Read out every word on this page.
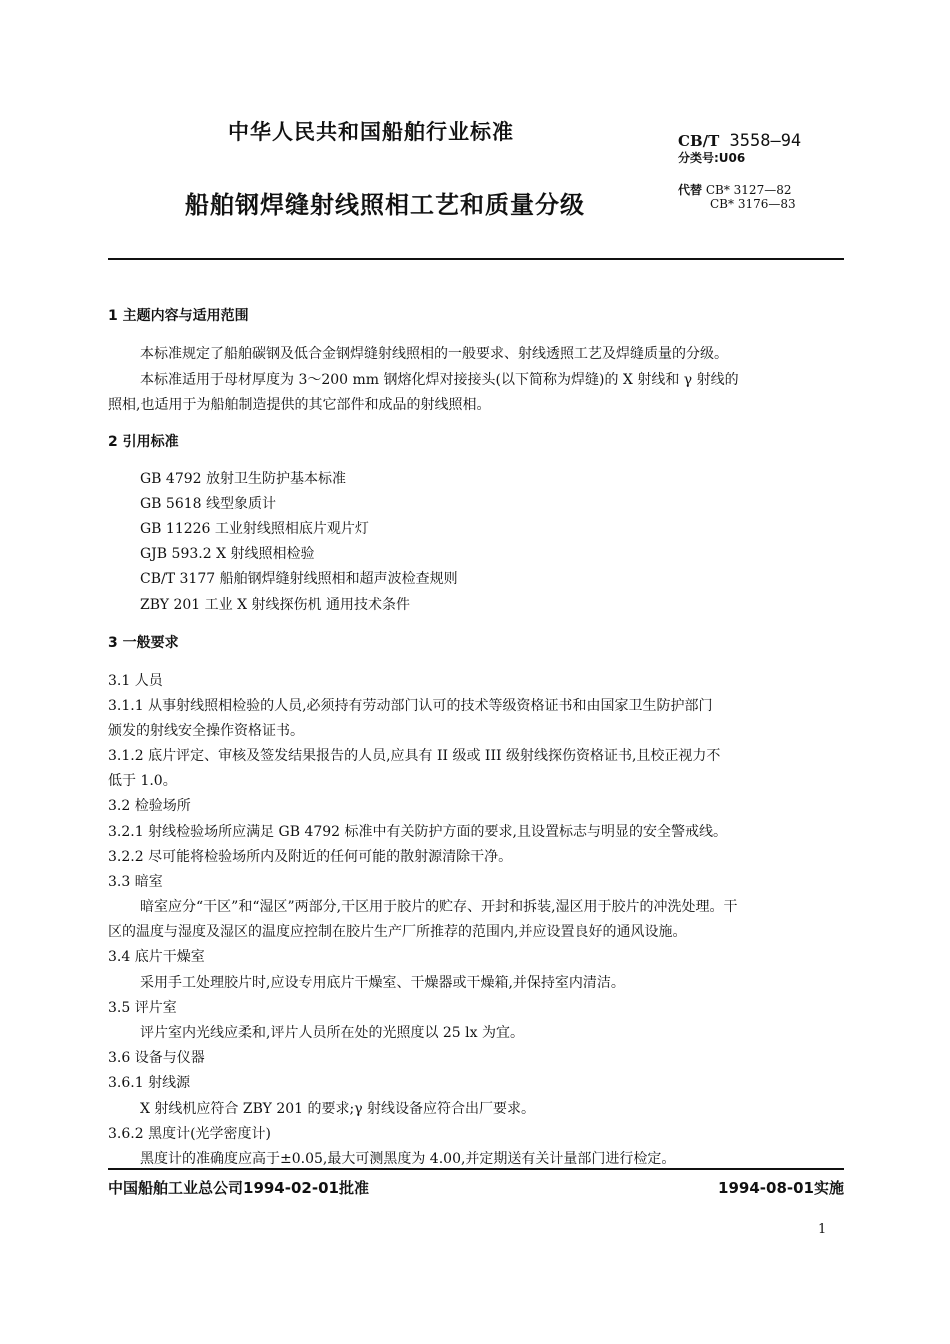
中华人民共和国船舶行业标准	CB/T 3558—94
分类号:U06
船舶钢焊缝射线照相工艺和质量分级
代替 CB* 3127—82
CB* 3176—83
1 主题内容与适用范围
本标准规定了船舶碳钢及低合金钢焊缝射线照相的一般要求、射线透照工艺及焊缝质量的分级。
本标准适用于母材厚度为 3～200 mm 钢熔化焊对接接头(以下简称为焊缝)的 X 射线和 γ 射线的
照相,也适用于为船舶制造提供的其它部件和成品的射线照相。
2 引用标准
GB 4792 放射卫生防护基本标准
GB 5618 线型象质计
GB 11226 工业射线照相底片观片灯
GJB 593.2 X 射线照相检验
CB/T 3177 船舶钢焊缝射线照相和超声波检查规则
ZBY 201 工业 X 射线探伤机 通用技术条件
3 一般要求
3.1 人员
3.1.1 从事射线照相检验的人员,必须持有劳动部门认可的技术等级资格证书和由国家卫生防护部门
颁发的射线安全操作资格证书。
3.1.2 底片评定、审核及签发结果报告的人员,应具有 II 级或 III 级射线探伤资格证书,且校正视力不
低于 1.0。
3.2 检验场所
3.2.1 射线检验场所应满足 GB 4792 标准中有关防护方面的要求,且设置标志与明显的安全警戒线。
3.2.2 尽可能将检验场所内及附近的任何可能的散射源清除干净。
3.3 暗室
暗室应分“干区”和“湿区”两部分,干区用于胶片的贮存、开封和拆装,湿区用于胶片的冲洗处理。干
区的温度与湿度及湿区的温度应控制在胶片生产厂所推荐的范围内,并应设置良好的通风设施。
3.4 底片干燥室
采用手工处理胶片时,应设专用底片干燥室、干燥器或干燥箱,并保持室内清洁。
3.5 评片室
评片室内光线应柔和,评片人员所在处的光照度以 25 lx 为宜。
3.6 设备与仪器
3.6.1 射线源
X 射线机应符合 ZBY 201 的要求;γ 射线设备应符合出厂要求。
3.6.2 黑度计(光学密度计)
黑度计的准确度应高于±0.05,最大可测黑度为 4.00,并定期送有关计量部门进行检定。
中国船舶工业总公司1994-02-01批准	1994-08-01实施
1
